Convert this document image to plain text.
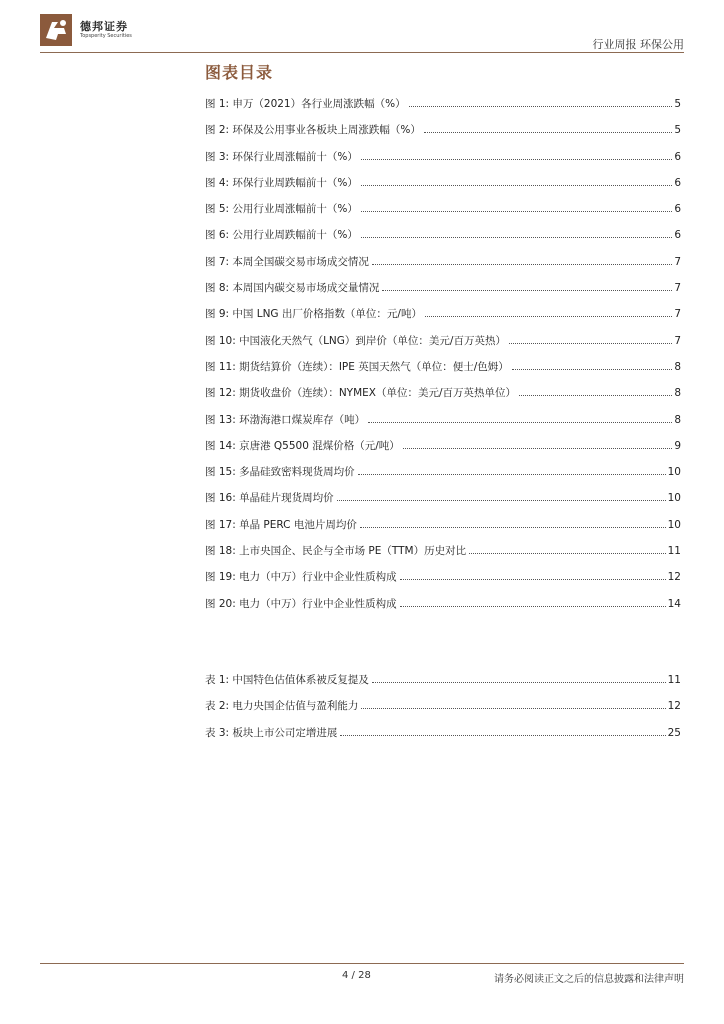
德邦证券
Topsperity Securities
行业周报 环保公用
图表目录
图 1: 申万（2021）各行业周涨跌幅（%）	5
图 2: 环保及公用事业各板块上周涨跌幅（%）	5
图 3: 环保行业周涨幅前十（%）	6
图 4: 环保行业周跌幅前十（%）	6
图 5: 公用行业周涨幅前十（%）	6
图 6: 公用行业周跌幅前十（%）	6
图 7: 本周全国碳交易市场成交情况	7
图 8: 本周国内碳交易市场成交量情况	7
图 9: 中国 LNG 出厂价格指数（单位：元/吨）	7
图 10: 中国液化天然气（LNG）到岸价（单位：美元/百万英热）	7
图 11: 期货结算价（连续）：IPE 英国天然气（单位：便士/色姆）	8
图 12: 期货收盘价（连续）：NYMEX（单位：美元/百万英热单位）	8
图 13: 环渤海港口煤炭库存（吨）	8
图 14: 京唐港 Q5500 混煤价格（元/吨）	9
图 15: 多晶硅致密料现货周均价	10
图 16: 单晶硅片现货周均价	10
图 17: 单晶 PERC 电池片周均价	10
图 18: 上市央国企、民企与全市场 PE（TTM）历史对比	11
图 19: 电力（中万）行业中企业性质构成	12
图 20: 电力（中万）行业中企业性质构成	14
表 1: 中国特色估值体系被反复提及	11
表 2: 电力央国企估值与盈利能力	12
表 3: 板块上市公司定增进展	25
4 / 28	请务必阅读正文之后的信息披露和法律声明
